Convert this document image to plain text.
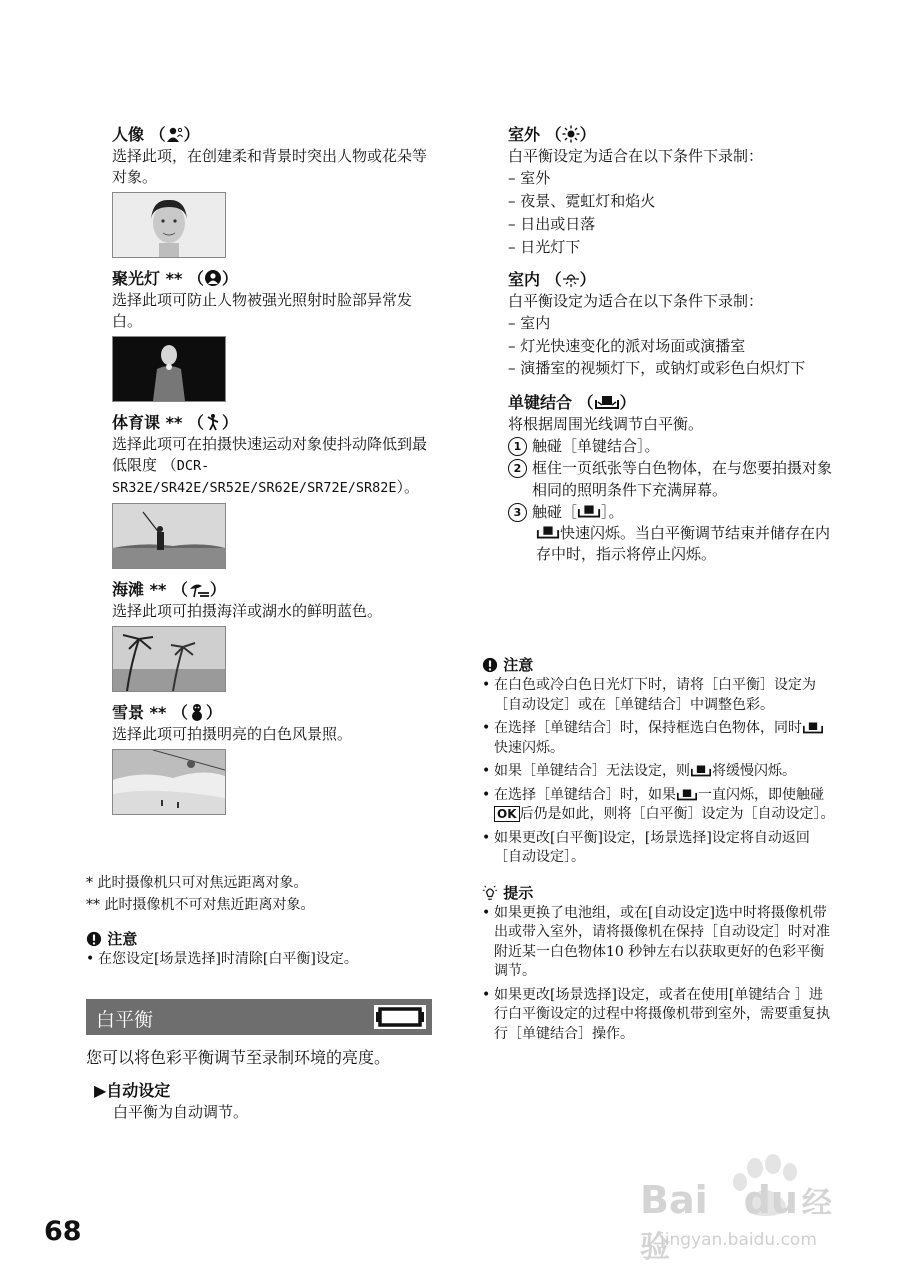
人像 （ ）

选择此项，在创建柔和背景时突出人物或花朵等对象。

聚光灯 ** （ ）

选择此项可防止人物被强光照射时脸部异常发白。

体育课 ** （ ）

选择此项可在拍摄快速运动对象使抖动降低到最低限度 （DCR-SR32E/SR42E/SR52E/SR62E/SR72E/SR82E）。

海滩 ** （ ）

选择此项可拍摄海洋或湖水的鲜明蓝色。

雪景 ** （ ）

选择此项可拍摄明亮的白色风景照。

* 此时摄像机只可对焦远距离对象。

** 此时摄像机不可对焦近距离对象。

注意

• 在您设定[场景选择]时清除[白平衡]设定。

白平衡

您可以将色彩平衡调节至录制环境的亮度。

▶自动设定

白平衡为自动调节。

室外 （ ）

白平衡设定为适合在以下条件下录制：

– 室外

– 夜景、霓虹灯和焰火

– 日出或日落

– 日光灯下

室内 （ ）

白平衡设定为适合在以下条件下录制：

– 室内

– 灯光快速变化的派对场面或演播室

– 演播室的视频灯下，或钠灯或彩色白炽灯下

单键结合 （ ）

将根据周围光线调节白平衡。

1 触碰［单键结合］。

2 框住一页纸张等白色物体，在与您要拍摄对象相同的照明条件下充满屏幕。

3 触碰［ ］。

快速闪烁。当白平衡调节结束并储存在内存中时，指示将停止闪烁。

注意

• 在白色或冷白色日光灯下时，请将［白平衡］设定为［自动设定］或在［单键结合］中调整色彩。

• 在选择［单键结合］时，保持框选白色物体，同时快速闪烁。

• 如果［单键结合］无法设定，则 将缓慢闪烁。

• 在选择［单键结合］时，如果 一直闪烁，即使触碰OK 后仍是如此，则将［白平衡］设定为［自动设定］。

• 如果更改[白平衡]设定，[场景选择]设定将自动返回［自动设定］。

提示

• 如果更换了电池组，或在[自动设定]选中时将摄像机带出或带入室外，请将摄像机在保持［自动设定］时对准附近某一白色物体10 秒钟左右以获取更好的色彩平衡调节。

• 如果更改[场景选择]设定，或者在使用[单键结合 ］进行白平衡设定的过程中将摄像机带到室外，需要重复执行［单键结合］操作。

68
Bai du 经验
jingyan.baidu.com
